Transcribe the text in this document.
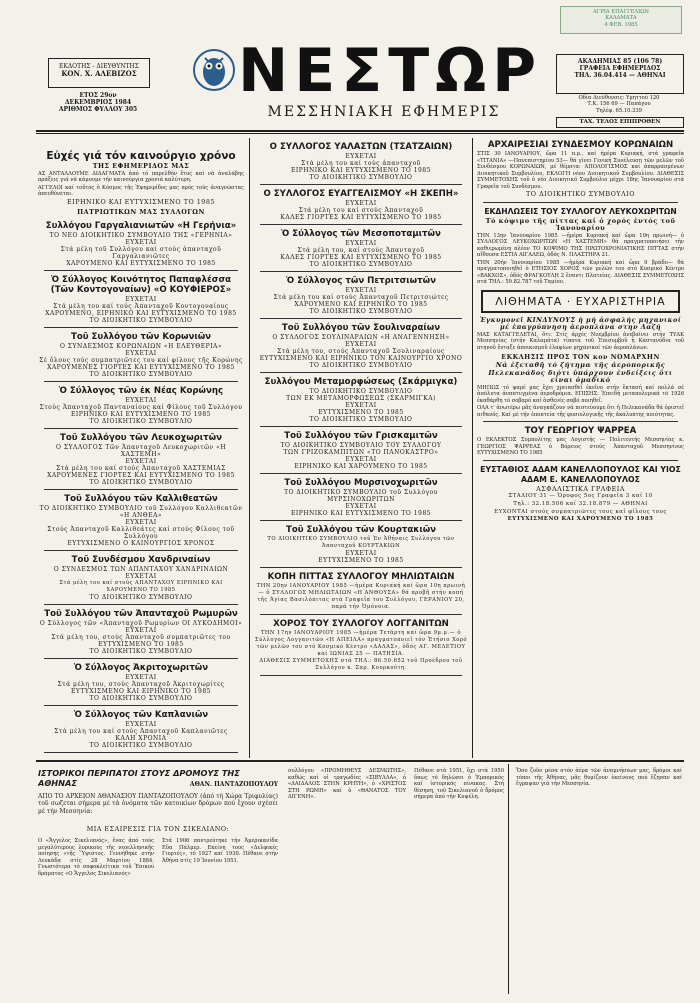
ΑΓΡΙΑ ΕΠΑΓΓΕΛΙΩΝ
ΚΑΛΑΜΑΤΑ
4 ΦΕΒ. 1985
ΕΚΔΟΤΗΣ - ΔΙΕΥΘΥΝΤΗΣ
ΚΟΝ. Χ. ΑΛΕΒΙΖΟΣ
ΕΤΟΣ 29ον
ΔΕΚΕΜΒΡΙΟΣ 1984
ΑΡΙΘΜΟΣ ΦΥΛΛΟΥ 305
ΝΕΣΤΩΡ
ΜΕΣΣΗΝΙΑΚΗ ΕΦΗΜΕΡΙΣ
ΑΚΑΔΗΜΙΑΣ 85 (106 78)
ΓΡΑΦΕΙΑ ΕΦΗΜΕΡΙΔΟΣ
ΤΗΛ. 36.04.414 — ΑΘΗΝΑΙ
Οδία Διεύθυνσις: Υμηττού 120
Τ.Κ. 156 69 — Παπάγου
Τηλέφ. 65.10.339
ΤΑΧ. ΤΕΛΟΣ ΕΠΙΠΡΟΘΕΝ
Εὐχές γιά τόν καινούργιο χρόνο
ΤΗΣ ΕΦΗΜΕΡΙΔΟΣ ΜΑΣ

ΑΣ ΑΝΤΑΛΛΟΥΜΕ ΔΙΔΑΓΜΑΤΑ ἀπό τό παρελθόν ἔτος καί νά ἀναλάβης πράξεις γιά νά κάμουμε τήν καινούργια χρονιά καλύτερη.

ΑΓΓΕΛΟΙ καί τοῦτος ὁ Κόσμος τῆς Ἐφημερίδος μας πρός τούς ἀναγνῶστας ἀπευθύνεται.

ΕΙΡΗΝΙΚΟ ΚΑΙ ΕΥΤΥΧΙΣΜΕΝΟ ΤΟ 1985
ΠΑΤΡΙΩΤΙΚΩΝ ΜΑΣ ΣΥΛΛΟΓΩΝ
Συλλόγου Γαργαλιανιωτῶν «Η Γερήνια»
ΤΟ ΝΕΟ ΔΙΟΙΚΗΤΙΚΟ ΣΥΜΒΟΥΛΙΟ ΤΗΣ «ΓΕΡΗΝΙΑ»
ΕΥΧΕΤΑΙ
Στά μέλη τοῦ Συλλόγου καί στούς ἁπανταχοῦ Γαργαλιανιῶτες
ΧΑΡΟΥΜΕΝΟ ΚΑΙ ΕΥΤΥΧΙΣΜΕΝΟ ΤΟ 1985
Ὁ Σύλλογος Κοινότητος Παπαφλέσσα (Τῶν Κοντογοναίων) «Ο ΚΟΥΦΙΕΡΟΣ»
ΕΥΧΕΤΑΙ
Στά μέλη του καί τούς Ἀπανταχοῦ Κοντογοναίους
ΧΑΡΟΥΜΕΝΟ, ΕΙΡΗΝΙΚΟ ΚΑΙ ΕΥΤΥΧΙΣΜΕΝΟ ΤΟ 1985
ΤΟ ΔΙΟΙΚΗΤΙΚΟ ΣΥΜΒΟΥΛΙΟ
Τοῦ Συλλόγου τῶν Κορωνιῶν
Ο ΣΥΝΔΕΣΜΟΣ ΚΟΡΩΝΑΙΩΝ «Η ΕΛΕΥΘΕΡΙΑ»
ΕΥΧΕΤΑΙ
Σέ ὅλους τούς συμπατριῶτες του καί φίλους τῆς Κορώνης
ΧΑΡΟΥΜΕΝΕΣ ΓΙΟΡΤΕΣ ΚΑΙ ΕΥΤΥΧΙΣΜΕΝΟ ΤΟ 1985
ΤΟ ΔΙΟΙΚΗΤΙΚΟ ΣΥΜΒΟΥΛΙΟ
Ὁ Σύλλογος τῶν ἐκ Νέας Κορώνης
ΕΥΧΕΤΑΙ
Στούς Ἀπανταχοῦ Πανταναίους καί Φίλους τοῦ Συλλόγου
ΕΙΡΗΝΙΚΟ ΚΑΙ ΕΥΤΥΧΙΣΜΕΝΟ ΤΟ 1985
ΤΟ ΔΙΟΙΚΗΤΙΚΟ ΣΥΜΒΟΥΛΙΟ
Τοῦ Συλλόγου τῶν Λευκοχωριτῶν
Ο ΣΥΛΛΟΓΟΣ Τῶν Ἀπανταχοῦ Λευκοχωριτῶν «Η ΧΑΣΤΕΜΗ»
ΕΥΧΕΤΑΙ
Στά μέλη του καί στούς Ἀπανταχοῦ ΧΑΣΤΕΜΙΑΣ
ΧΑΡΟΥΜΕΝΕΣ ΓΙΟΡΤΕΣ ΚΑΙ ΕΥΤΥΧΙΣΜΕΝΟ ΤΟ 1985
ΤΟ ΔΙΟΙΚΗΤΙΚΟ ΣΥΜΒΟΥΛΙΟ
Τοῦ Συλλόγου τῶν Καλλιθεατῶν
ΤΟ ΔΙΟΙΚΗΤΙΚΟ ΣΥΜΒΟΥΛΙΟ τοῦ Συλλόγου Καλλιθεατῶν «Η ΑΝΘΕΑ»
ΕΥΧΕΤΑΙ
Στούς Ἀπανταχοῦ Καλλιθεάτες καί στούς Φίλους τοῦ Συλλόγου
ΕΥΤΥΧΙΣΜΕΝΟ Ο ΚΑΙΝΟΥΡΓΙΟΣ ΧΡΟΝΟΣ
Τοῦ Συνδέσμου Χανδριναίων
Ο ΣΥΝΔΕΣΜΟΣ ΤΩΝ ΑΠΑΝΤΑΧΟΥ ΧΑΝΔΡΙΝΑΙΩΝ
ΕΥΧΕΤΑΙ
Στά μέλη του καί στούς ΑΠΑΝΤΑΧΟΥ ΕΙΡΗΝΙΚΟ ΚΑΙ ΧΑΡΟΥΜΕΝΟ ΤΟ 1985
ΤΟ ΔΙΟΙΚΗΤΙΚΟ ΣΥΜΒΟΥΛΙΟ
Τοῦ Συλλόγου τῶν Ἀπανταχοῦ Ρωμυρῶν
Ο Σύλλογος τῶν «Ἀπανταχοῦ Ρωμυρίων ΟΙ ΛΥΚΟΔΗΜΟΙ»
ΕΥΧΕΤΑΙ
Στά μέλη του, στούς Ἀπανταχοῦ συμπατριῶτες του
ΕΥΤΥΧΙΣΜΕΝΟ ΤΟ 1985
ΤΟ ΔΙΟΙΚΗΤΙΚΟ ΣΥΜΒΟΥΛΙΟ
Ὁ Σύλλογος Ἀκριτοχωριτῶν
ΕΥΧΕΤΑΙ
Στά μέλη του, στούς Ἀπανταχοῦ Ἀκριτοχωρίτες
ΕΥΤΥΧΙΣΜΕΝΟ ΚΑΙ ΕΙΡΗΝΙΚΟ ΤΟ 1985
ΤΟ ΔΙΟΙΚΗΤΙΚΟ ΣΥΜΒΟΥΛΙΟ
Ὁ Σύλλογος τῶν Καπλανιῶν
ΕΥΧΕΤΑΙ
Στά μέλη του καί στούς Ἀπανταχοῦ Καπλανιῶτες
ΚΑΛΗ ΧΡΟΝΙΑ
ΤΟ ΔΙΟΙΚΗΤΙΚΟ ΣΥΜΒΟΥΛΙΟ
Ο ΣΥΛΛΟΓΟΣ ΥΑΛΑΣΤΩΝ (ΤΣΑΤΖΑΙΩΝ)
ΕΥΧΕΤΑΙ
Στά μέλη του καί τούς ἁπανταχοῦ
ΕΙΡΗΝΙΚΟ ΚΑΙ ΕΥΤΥΧΙΣΜΕΝΟ ΤΟ 1985
ΤΟ ΔΙΟΙΚΗΤΙΚΟ ΣΥΜΒΟΥΛΙΟ
Ο ΣΥΛΛΟΓΟΣ ΕΥΑΓΓΕΛΙΣΜΟΥ «Η ΣΚΕΠΗ»
ΕΥΧΕΤΑΙ
Στά μέλη του καί στούς Ἀπανταχοῦ
ΚΑΛΕΣ ΓΙΟΡΤΕΣ ΚΑΙ ΕΥΤΥΧΙΣΜΕΝΟ ΤΟ 1985
Ὁ Σύλλογος τῶν Μεσοποταμιτῶν
ΕΥΧΕΤΑΙ
Στά μέλη του, καί στούς Ἀπανταχοῦ
ΚΑΛΕΣ ΓΙΟΡΤΕΣ ΚΑΙ ΕΥΤΥΧΙΣΜΕΝΟ ΤΟ 1985
ΤΟ ΔΙΟΙΚΗΤΙΚΟ ΣΥΜΒΟΥΛΙΟ
Ὁ Σύλλογος τῶν Πετριτσιωτῶν
ΕΥΧΕΤΑΙ
Στά μέλη του καί στούς Ἀπανταχοῦ Πετριτσιώτες
ΧΑΡΟΥΜΕΝΟ ΚΑΙ ΕΙΡΗΝΙΚΟ ΤΟ 1985
ΤΟ ΔΙΟΙΚΗΤΙΚΟ ΣΥΜΒΟΥΛΙΟ
Τοῦ Συλλόγου τῶν Σουλιναραίων
Ο ΣΥΛΛΟΓΟΣ ΣΟΥΛΙΝΑΡΑΙΩΝ «Η ΑΝΑΓΕΝΝΗΣΗ»
ΕΥΧΕΤΑΙ
Στά μέλη του, στούς Ἀπανταχοῦ Σουλιναραίους
ΕΥΤΥΧΙΣΜΕΝΟ ΚΑΙ ΕΙΡΗΝΙΚΟ ΤΟΝ ΚΑΙΝΟΥΡΓΙΟ ΧΡΟΝΟ
ΤΟ ΔΙΟΙΚΗΤΙΚΟ ΣΥΜΒΟΥΛΙΟ
Συλλόγου Μεταμορφώσεως (Σκάρμιγκα)
ΤΟ ΔΙΟΙΚΗΤΙΚΟ ΣΥΜΒΟΥΛΙΟ
ΤΩΝ ΕΚ ΜΕΤΑΜΟΡΦΩΣΕΩΣ (ΣΚΑΡΜΙΓΚΑ)
ΕΥΧΕΤΑΙ
ΕΥΤΥΧΙΣΜΕΝΟ ΤΟ 1985
ΤΟ ΔΙΟΙΚΗΤΙΚΟ ΣΥΜΒΟΥΛΙΟ
Τοῦ Συλλόγου τῶν Γρισκαμιτῶν
ΤΟ ΔΙΟΙΚΗΤΙΚΟ ΣΥΜΒΟΥΛΙΟ ΤΟΥ ΣΥΛΛΟΓΟΥ
ΤΩΝ ΓΡΙΖΟΚΑΜΠΙΤΩΝ «ΤΟ ΠΑΝΟΚΑΣΤΡΟ»
ΕΥΧΕΤΑΙ
ΕΙΡΗΝΙΚΟ ΚΑΙ ΧΑΡΟΥΜΕΝΟ ΤΟ 1985
Τοῦ Συλλόγου Μυρσινοχωριτῶν
ΤΟ ΔΙΟΙΚΗΤΙΚΟ ΣΥΜΒΟΥΛΙΟ τοῦ Συλλόγου ΜΥΡΣΙΝΟΧΩΡΙΤΩΝ
ΕΥΧΕΤΑΙ
ΕΙΡΗΝΙΚΟ ΚΑΙ ΕΥΤΥΧΙΣΜΕΝΟ ΤΟ 1985
Τοῦ Συλλόγου τῶν Κουρτακιῶν
ΤΟ ΔΙΟΙΚΗΤΙΚΟ ΣΥΜΒΟΥΛΙΟ τοῦ Ἐν Ἀθήναις Συλλόγου τῶν Ἀπανταχοῦ ΚΟΥΡΤΑΚΙΩΝ
ΕΥΧΕΤΑΙ
ΕΥΤΥΧΙΣΜΕΝΟ ΤΟ 1985
ΚΟΠΗ ΠΙΤΤΑΣ ΣΥΛΛΟΓΟΥ ΜΗΛΙΩΤΑΙΩΝ
ΤΗΝ 20ην ΙΑΝΟΥΑΡΙΟΥ 1985 —ἡμέρα Κυριακή καί ὥρα 10η πρωινή— ὁ ΣΥΛΛΟΓΟΣ ΜΗΛΙΩΤΑΙΩΝ «Η ΑΝΘΟΥΣΑ» θά προβῆ στήν κοπή τῆς Ἀγίας Βασιλόπιτας στά Γραφεῖα του Συλλόγου, ΓΕΡΑΝΙΟΥ 20, παρά τήν Ὁμόνοια.
ΧΟΡΟΣ ΤΟΥ ΣΥΛΛΟΓΟΥ ΛΟΓΓΑΝΙΤΩΝ
ΤΗΝ 17ην ΙΑΝΟΥΑΡΙΟΥ 1985 —ἡμέρα Τετάρτη καί ὥρα 9μ.μ.— ὁ Σύλλογος Λογγανιτῶν «Η ΑΠΕΙΛΑ» πραγματοποιεῖ τόν Ἐτήσιο Χορό τῶν μελῶν του στό Κοσμικό Κέντρο «ΔΑΛΑΣ», ὁδός ΑΓ. ΜΕΛΕΤΙΟΥ καί ΙΩΝΙΑΣ 25 — ΠΑΤΗΣΙΑ.
ΔΙΑΘΕΣΙΣ ΣΥΜΜΕΤΟΧΗΣ στά ΤΗΛ.: 86.50.652 τοῦ Προέδρου τοῦ Συλλόγου κ. Σαρ. Κουρκούτη.
ΑΡΧΑΙΡΕΣΙΑΙ ΣΥΝΔΕΣΜΟΥ ΚΟΡΩΝΑΙΩΝ

ΣΤΙΣ 30 ΙΑΝΟΥΑΡΙΟΥ, ὥρα 11 π.μ., καί ἡμέρα Κυριακή, στά γραφεῖα «ΤΙΤΑΝΙΑ» —Πανεπιστημίου 53— θά γίνει Γενική Συνέλευση τῶν μελῶν τοῦ Συνδέσμου ΚΟΡΩΝΑΙΩΝ, μέ θέματα: ΑΠΟΛΟΓΙΣΜΟΣ καί ἀπαρρασμένων Διοικητικοῦ Συμβουλίου, ΕΚΛΟΓΗ νέου Διοικητικοῦ Συμβουλίου. ΔΙΑΘΕΣΙΣ ΣΥΜΜΕΤΟΧΗΣ τοῦ ὁ νέο Διοικητικό Συμβούλιο μέχρι 18ης Ἰανουαρίου στά Γραφεῖα τοῦ Συνδέσμου.

ΤΟ ΔΙΟΙΚΗΤΙΚΟ ΣΥΜΒΟΥΛΙΟ
ΕΚΔΗΛΩΣΕΙΣ ΤΟΥ ΣΥΛΛΟΓΟΥ ΛΕΥΚΟΧΩΡΙΤΩΝ
Τό κόψιμο τῆς πίττας καί ὁ χορός ἐντός τοῦ Ἰανουαρίου

ΤΗΝ 13ην Ἰανουαρίου 1985 —ἡμέρα Κυριακή καί ὥρα 10η πρωινή— ὁ ΣΥΛΛΟΓΟΣ ΛΕΥΚΟΧΩΡΙΤΩΝ «Η ΧΑΣΤΕΜΗ» θά πραγματοποιήσει τήν καθιερωμένη πλέον ΤΟ ΚΟΨΙΜΟ ΤΗΣ ΠΡΩΤΟΧΡΟΝΙΑΤΙΚΗΣ ΠΙΤΤΑΣ στήν αἴθουσα ΕΣΤΙΑ ΑΙΓΑΛΕΩ, ὁδός Ν. ΠΛΑΣΤΗΡΑ 21.

ΤΗΝ 20ήν Ἰανουαρίου 1985 —ἡμέρα Κυριακή καί ὥρα 9 βράδυ— θά πραγματοποιηθεῖ ὁ ΕΤΗΣΙΟΣ ΧΟΡΟΣ τῶν μελῶν του στό Κοσμικό Κέντρο «ΒΑΚΧΟΣ», ὁδός ΦΡΑΓΚΟΥΛΗ 2 ἔναντι Πλατείας. ΔΙΑΘΕΣΙΣ ΣΥΜΜΕΤΟΧΗΣ στά ΤΗΛ.: 59.82.787 τοῦ Ταμίου.

ΛΙΘΗΜΑΤΑ · ΕΥΧΑΡΙΣΤΗΡΙΑ
Ἐγκυμονεῖ ΚΙΝΔΥΝΟΥΣ ἡ μή ἀσφαλής μηχανικοί μέ ἐπαγρύπνηση ἀεροπλάνα στην Λαζή

ΜΑΣ ΚΑΤΑΓΓΕΛΕΤΑΙ, ὅτι: Στίς ἀρχές Νοεμβρίου ἀνεβαίνει στήν ΤΥΔΚ Μεσσηνίας (στήν Καλαμάτα) τίποτα τοῦ Ἐπισυμβοῦ ἡ Καστανόδια τοῦ πτηνοῦ ἔνταξε ἀποικισμοῦ ἐλαφίων μηχανικοί τῶν ἀεροπλάνων.

ΕΚΚΛΗΣΙΣ ΠΡΟΣ ΤΟΝ κον ΝΟΜΑΡΧΗΝ
Νά ἐξεταθῆ τό ζήτημα τῆς ἀεροπορικῆς Πελεκανάδος διότι ὑπάρχουν ἐνδείξεις ὅτι εἶναι ὁμαδικό

ΜΗΠΩΣ τό ψαρέ μας ἔχει χρειασθεῖ ἐκεῖνο στήν ἔκτασή καί πολλά σέ ἀπόλυτα ἀναπτυγμένα ἀεροδρόμια. ΕΠΙΣΗΣ: Ἐπειδή μεταπολεμικά τό 1926 ἐκαθάρθη τό σοβαρό καί ἀσθενές σαβό ποιηθεῖ.

ΟΛΑ τ' ἀνωτέρω μᾶς ἀναγκάζουν νά πιστεύουμε ὅτι ἡ Πελεκανάδα θά ὁριστεῖ πιθανός. Καί μέ τήν ἐποπτεία τῆς φυσιολογικῆς τῆς ἀκάλυπτης ποιότητας.

ΤΟΥ ΓΕΩΡΓΙΟΥ ΨΑΡΡΕΑ

Ο ΕΚΛΕΚΤΟΣ Συμπολίτης μας Λογιστής — Πολιτευτής Μεσσηνίας κ. ΓΕΩΡΓΙΟΣ ΨΑΡΡΕΑΣ ὁ Βόρειος στούς Ἀπανταχοῦ Μεσσηνίους ΕΥΤΥΧΙΣΜΕΝΟ ΤΟ 1985

ΕΥΣΤΑΘΙΟΣ ΑΔΑΜ ΚΑΝΕΛΛΟΠΟΥΛΟΣ ΚΑΙ ΥΙΟΣ ΑΔΑΜ Ε. ΚΑΝΕΛΛΟΠΟΥΛΟΣ
ΑΣΦΑΛΙΣΤΙΚΑ ΓΡΑΦΕΙΑ
ΣΤΑΔΙΟΥ 31 — Ὁροφος 5ος Γραφεῖα 3 καί 10
Τηλ.: 32.18.506 καί 32.18.879 — ΑΘΗΝΑΙ
ΕΥΧΟΝΤΑΙ στούς συμπατριῶτες τους καί φίλους τους
ΕΥΤΥΧΙΣΜΕΝΟ ΚΑΙ ΧΑΡΟΥΜΕΝΟ ΤΟ 1985
ΙΣΤΟΡΙΚΟΙ ΠΕΡΙΠΑΤΟΙ ΣΤΟΥΣ ΔΡΟΜΟΥΣ ΤΗΣ ΑΘΗΝΑΣ	ΑΘΑΝ. ΠΑΝΤΑΖΟΠΟΥΛΟΥ

ΑΠΟ ΤΟ ΑΡΧΕΙΟΝ ΑΘΑΝΑΣΙΟΥ ΠΑΝΤΑΖΟΠΟΥΛΟΥ (ἀπό τή Χώρα Τριφυλίας) τοῦ σωζεται σήμερα μέ τά ὀνόματα τῶν κατοικίων δρόμων πού ἔχουν σχέσει μέ τήν Μεσσηνία:

ΜΙΑ ΕΣΑΙΡΕΣΙΣ ΓΙΑ ΤΟΝ ΣΙΚΕΛΙΑΝΟ:

Ο «Ἄγγελος Σικελιανός», ἕνας ἀπό τούς μεγαλύτερους λυρικούς τῆς νεοελληνικῆς ποίησης «τῆς Ὕψιστος. Γεννήθηκε στήν Λευκάδα στίς 28 Μαρτίου 1884. Γνωστότερα τό σοφοκλείτικα τοῦ Ἐπικού δράματος «Ο Ἄγγελος Σικελιανός»

Στά 1906 παντρεύτηκε τήν Ἀμερικανίδα Εὕα Πάλμερ. Εκείνη τους «Δελφικές Γιορτές», τό 1927 καί 1930. Πέθανε στήν Ἀθήνα στίς 19 Ἰουνίου 1951.

συλλόγου «ΠΡΟΜΗΘΕΥΣ ΔΕΣΜΩΤΗΣ», καθώς καί οἱ τραγωδίες «ΣΙΒΥΛΛΑ», ὁ «ΔΑΙΔΑΛΟΣ ΣΤΗΝ ΚΡΗΤΗ», ὁ «ΧΡΙΣΤΟΣ ΣΤΗ ΡΩΜΗ» καί ὁ «ΘΑΝΑΤΟΣ ΤΟΥ ΔΙΓΕΝΗ».

Πέθανε στά 1951, ὅχι στά 1950 ὅπως τό δηλώσει ὁ Ἐμπορικός καί ἱστορικός πίνακας. Στή θέσηση, τοῦ Σικελιανοῦ ὁ δρόμος σήμερα ἀπό τήν Κυψέλη.

Ὅσο ζοῦν μέσα στόν ἀέρα τῶν ἀναμνήσεων μας, δρόμοι καί τόποι τῆς Ἀθήνας, μᾶς θυμίζουν ἐκείνους πού ἔζησαν καί ἔγραψαν γιά τήν Μεσσηνία.
